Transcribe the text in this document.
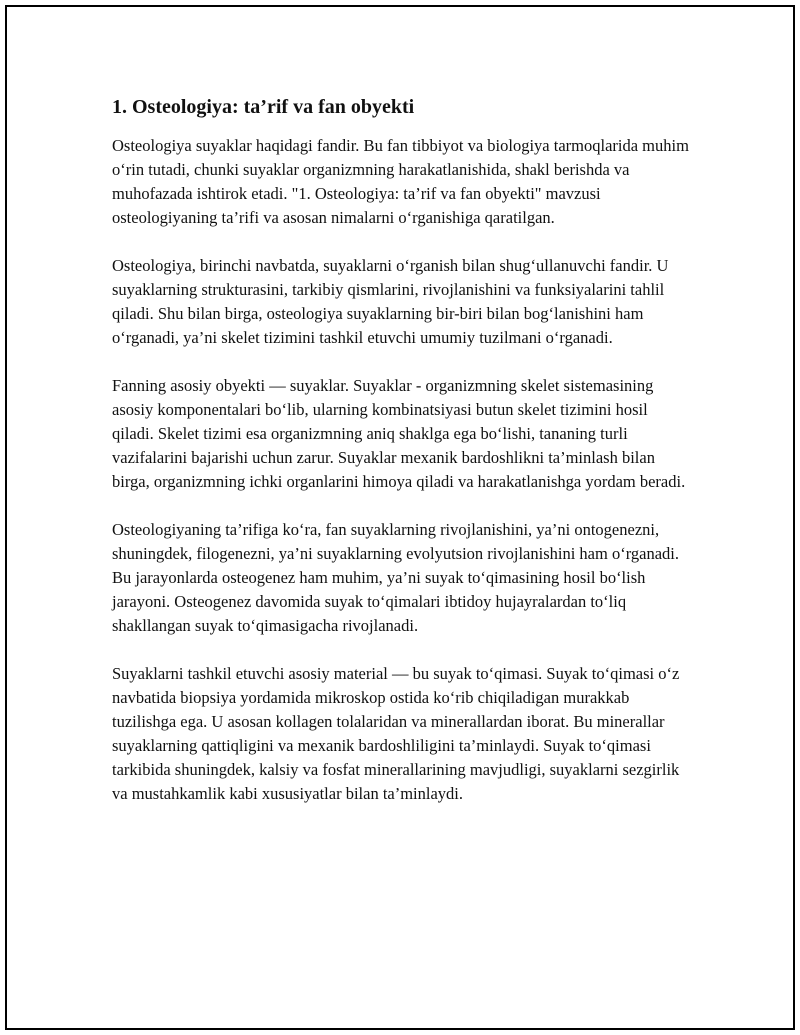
1. Osteologiya: ta’rif va fan obyekti

Osteologiya suyaklar haqidagi fandir. Bu fan tibbiyot va biologiya tarmoqlarida muhim o‘rin tutadi, chunki suyaklar organizmning harakatlanishida, shakl berishda va muhofazada ishtirok etadi. "1. Osteologiya: ta’rif va fan obyekti" mavzusi osteologiyaning ta’rifi va asosan nimalarni o‘rganishiga qaratilgan.

Osteologiya, birinchi navbatda, suyaklarni o‘rganish bilan shug‘ullanuvchi fandir. U suyaklarning strukturasini, tarkibiy qismlarini, rivojlanishini va funksiyalarini tahlil qiladi. Shu bilan birga, osteologiya suyaklarning bir-biri bilan bog‘lanishini ham o‘rganadi, ya’ni skelet tizimini tashkil etuvchi umumiy tuzilmani o‘rganadi.

Fanning asosiy obyekti — suyaklar. Suyaklar - organizmning skelet sistemasining asosiy komponentalari bo‘lib, ularning kombinatsiyasi butun skelet tizimini hosil qiladi. Skelet tizimi esa organizmning aniq shaklga ega bo‘lishi, tananing turli vazifalarini bajarishi uchun zarur. Suyaklar mexanik bardoshlikni ta’minlash bilan birga, organizmning ichki organlarini himoya qiladi va harakatlanishga yordam beradi.

Osteologiyaning ta’rifiga ko‘ra, fan suyaklarning rivojlanishini, ya’ni ontogenezni, shuningdek, filogenezni, ya’ni suyaklarning evolyutsion rivojlanishini ham o‘rganadi. Bu jarayonlarda osteogenez ham muhim, ya’ni suyak to‘qimasining hosil bo‘lish jarayoni. Osteogenez davomida suyak to‘qimalari ibtidoy hujayralardan to‘liq shakllangan suyak to‘qimasigacha rivojlanadi.

Suyaklarni tashkil etuvchi asosiy material — bu suyak to‘qimasi. Suyak to‘qimasi o‘z navbatida biopsiya yordamida mikroskop ostida ko‘rib chiqiladigan murakkab tuzilishga ega. U asosan kollagen tolalaridan va minerallardan iborat. Bu minerallar suyaklarning qattiqligini va mexanik bardoshliligini ta’minlaydi. Suyak to‘qimasi tarkibida shuningdek, kalsiy va fosfat minerallarining mavjudligi, suyaklarni sezgirlik va mustahkamlik kabi xususiyatlar bilan ta’minlaydi.
